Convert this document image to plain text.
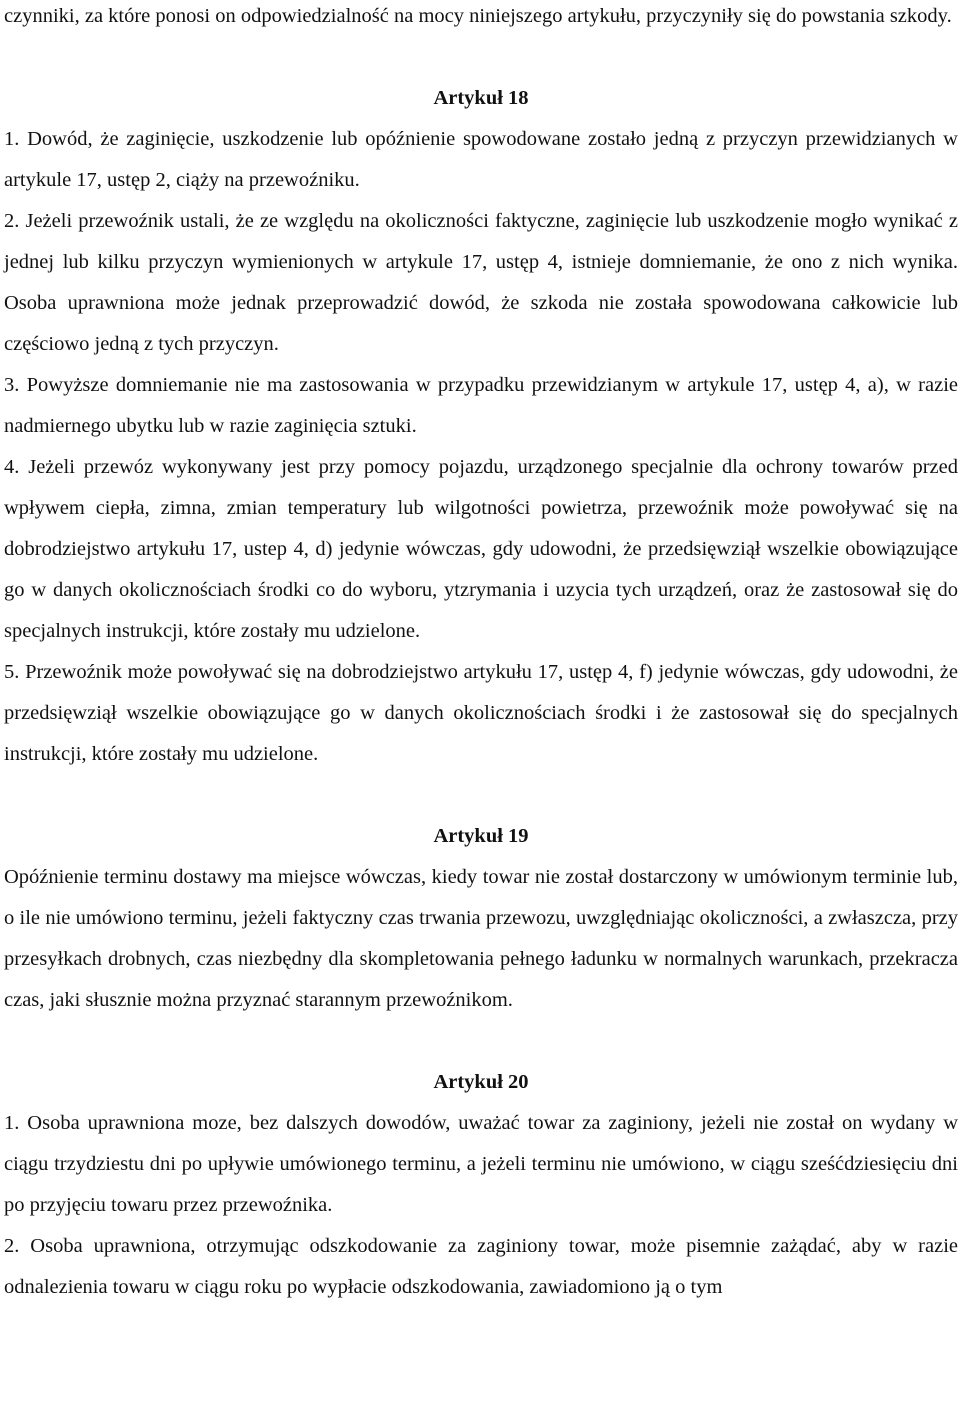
czynniki, za które ponosi on odpowiedzialność na mocy niniejszego artykułu, przyczyniły się do powstania szkody.

Artykuł 18

1. Dowód, że zaginięcie, uszkodzenie lub opóźnienie spowodowane zostało jedną z przyczyn przewidzianych w artykule 17, ustęp 2, ciąży na przewoźniku.

2. Jeżeli przewoźnik ustali, że ze względu na okoliczności faktyczne, zaginięcie lub uszkodzenie mogło wynikać z jednej lub kilku przyczyn wymienionych w artykule 17, ustęp 4, istnieje domniemanie, że ono z nich wynika. Osoba uprawniona może jednak przeprowadzić dowód, że szkoda nie została spowodowana całkowicie lub częściowo jedną z tych przyczyn.

3. Powyższe domniemanie nie ma zastosowania w przypadku przewidzianym w artykule 17, ustęp 4, a), w razie nadmiernego ubytku lub w razie zaginięcia sztuki.

4. Jeżeli przewóz wykonywany jest przy pomocy pojazdu, urządzonego specjalnie dla ochrony towarów przed wpływem ciepła, zimna, zmian temperatury lub wilgotności powietrza, przewoźnik może powoływać się na dobrodziejstwo artykułu 17, ustep 4, d) jedynie wówczas, gdy udowodni, że przedsięwziął wszelkie obowiązujące go w danych okolicznościach środki co do wyboru, ytzrymania i uzycia tych urządzeń, oraz że zastosował się do specjalnych instrukcji, które zostały mu udzielone.

5. Przewoźnik może powoływać się na dobrodziejstwo artykułu 17, ustęp 4, f) jedynie wówczas, gdy udowodni, że przedsięwziął wszelkie obowiązujące go w danych okolicznościach środki i że zastosował się do specjalnych instrukcji, które zostały mu udzielone.

Artykuł 19

Opóźnienie terminu dostawy ma miejsce wówczas, kiedy towar nie został dostarczony w umówionym terminie lub, o ile nie umówiono terminu, jeżeli faktyczny czas trwania przewozu, uwzględniając okoliczności, a zwłaszcza, przy przesyłkach drobnych, czas niezbędny dla skompletowania pełnego ładunku w normalnych warunkach, przekracza czas, jaki słusznie można przyznać starannym przewoźnikom.

Artykuł 20

1. Osoba uprawniona moze, bez dalszych dowodów, uważać towar za zaginiony, jeżeli nie został on wydany w ciągu trzydziestu dni po upływie umówionego terminu, a jeżeli terminu nie umówiono, w ciągu sześćdziesięciu dni po przyjęciu towaru przez przewoźnika.

2. Osoba uprawniona, otrzymując odszkodowanie za zaginiony towar, może pisemnie zażądać, aby w razie odnalezienia towaru w ciągu roku po wypłacie odszkodowania, zawiadomiono ją o tym
